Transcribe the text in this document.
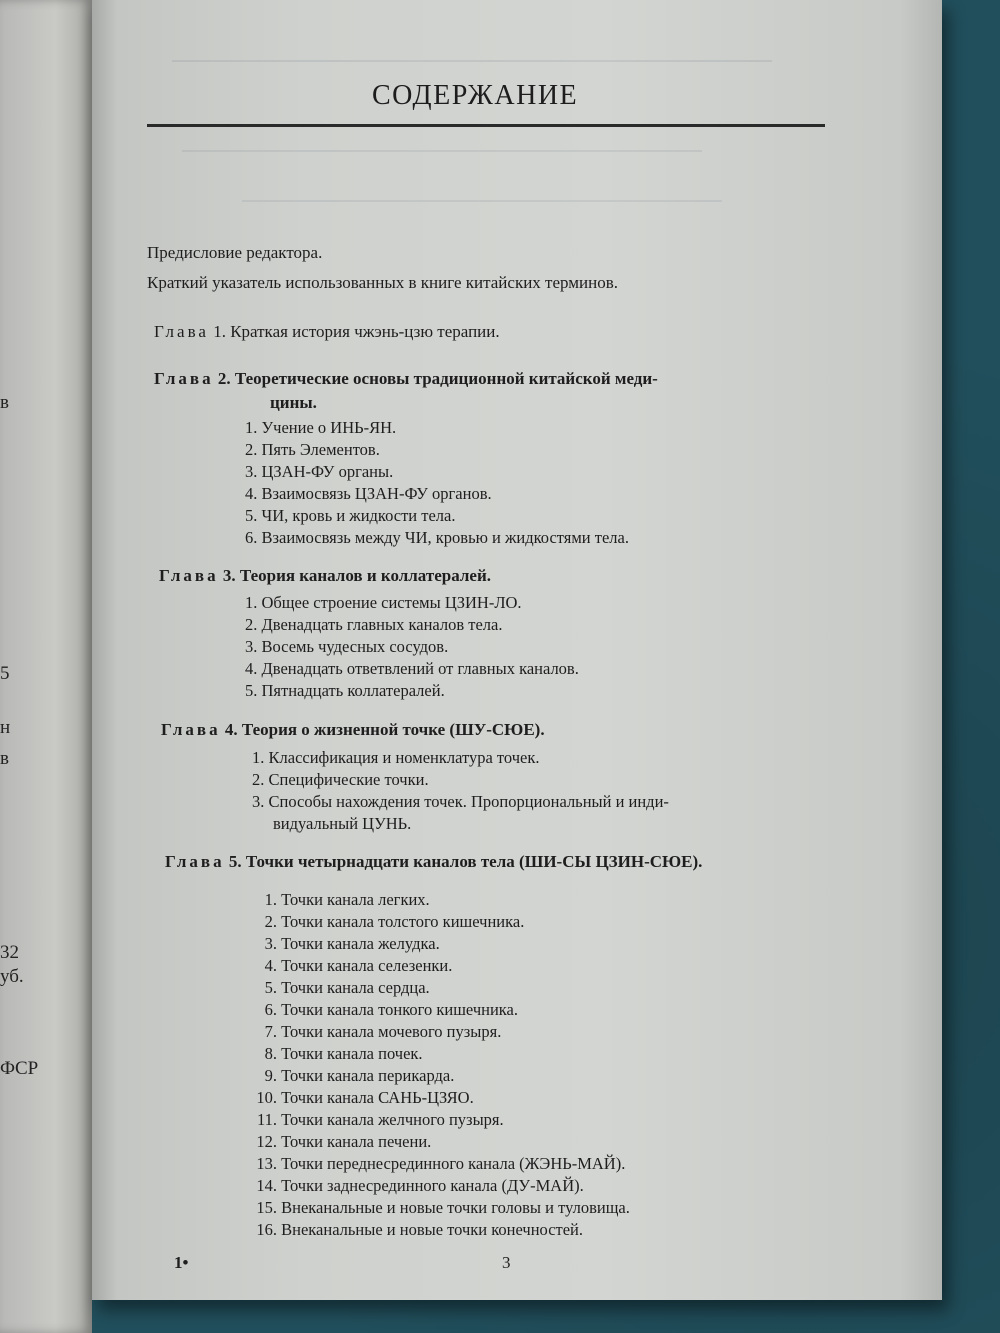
5
н
в
32
уб.
ФСР
в
СОДЕРЖАНИЕ
Предисловие редактора.
Краткий указатель использованных в книге китайских терминов.
Глава 1. Краткая история чжэнь-цзю терапии.
Глава 2. Теоретические основы традиционной китайской меди-
цины.
1. Учение о ИНЬ-ЯН.
2. Пять Элементов.
3. ЦЗАН-ФУ органы.
4. Взаимосвязь ЦЗАН-ФУ органов.
5. ЧИ, кровь и жидкости тела.
6. Взаимосвязь между ЧИ, кровью и жидкостями тела.
Глава 3. Теория каналов и коллатералей.
1. Общее строение системы ЦЗИН-ЛО.
2. Двенадцать главных каналов тела.
3. Восемь чудесных сосудов.
4. Двенадцать ответвлений от главных каналов.
5. Пятнадцать коллатералей.
Глава 4. Теория о жизненной точке (ШУ-СЮЕ).
1. Классификация и номенклатура точек.
2. Специфические точки.
3. Способы нахождения точек. Пропорциональный и инди-
видуальный ЦУНЬ.
Глава 5. Точки четырнадцати каналов тела (ШИ-СЫ ЦЗИН-СЮЕ).
1. Точки канала легких.
2. Точки канала толстого кишечника.
3. Точки канала желудка.
4. Точки канала селезенки.
5. Точки канала сердца.
6. Точки канала тонкого кишечника.
7. Точки канала мочевого пузыря.
8. Точки канала почек.
9. Точки канала перикарда.
10. Точки канала САНЬ-ЦЗЯО.
11. Точки канала желчного пузыря.
12. Точки канала печени.
13. Точки переднесрединного канала (ЖЭНЬ-МАЙ).
14. Точки заднесрединного канала (ДУ-МАЙ).
15. Внеканальные и новые точки головы и туловища.
16. Внеканальные и новые точки конечностей.
1•	3
